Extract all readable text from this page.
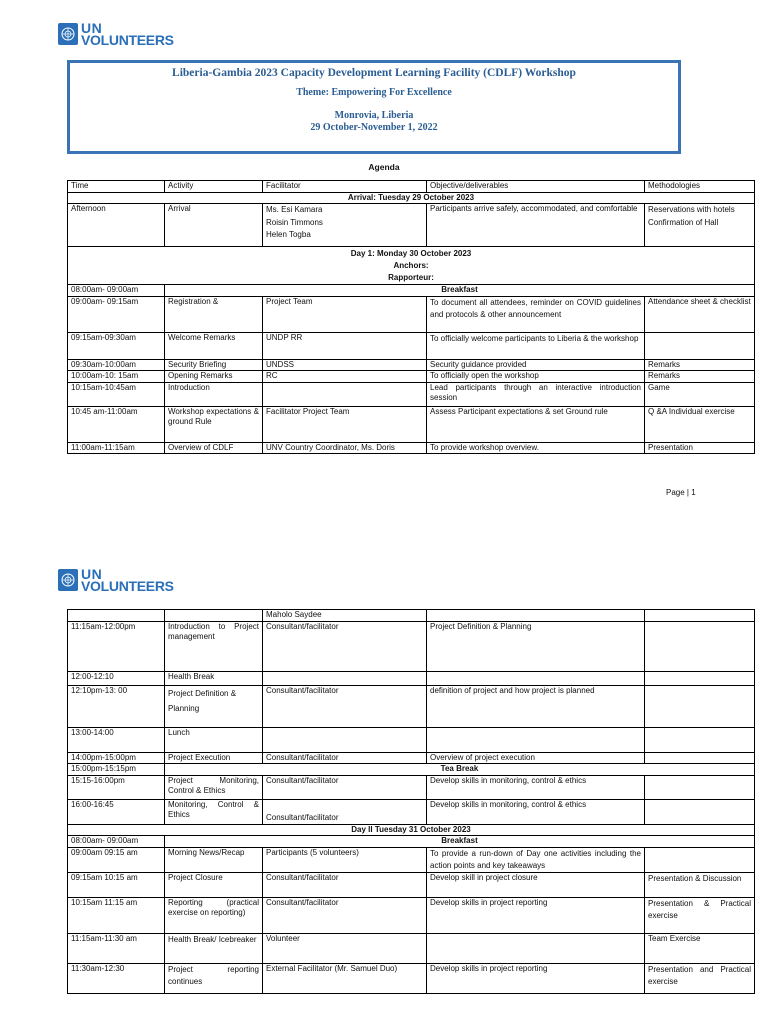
UN
VOLUNTEERS
Liberia-Gambia 2023 Capacity Development Learning Facility (CDLF) Workshop
Theme: Empowering For Excellence
Monrovia, Liberia
29 October-November 1, 2022
Agenda
Time	Activity	Facilitator	Objective/deliverables	Methodologies
Arrival: Tuesday 29 October 2023				
Afternoon	Arrival	Ms. Esi Kamara
Roisin Timmons
Helen Togba	Participants arrive safely, accommodated, and comfortable	Reservations with hotels
Confirmation of Hall

Day 1: Monday 30 October 2023
Anchors:
Rapporteur:				

08:00am- 09:00am	Breakfast			
09:00am- 09:15am	Registration &	Project Team	To document all attendees, reminder on COVID guidelines and protocols & other announcement	Attendance sheet & checklist
09:15am-09:30am	Welcome Remarks	UNDP RR	To officially welcome participants to Liberia & the workshop	
09:30am-10:00am	Security Briefing	UNDSS	Security guidance provided	Remarks
10:00am-10: 15am	Opening Remarks	RC	To officially open the workshop	Remarks
10:15am-10:45am	Introduction		Lead participants through an interactive introduction session	Game
10:45 am-11:00am	Workshop expectations & ground Rule	Facilitator Project Team	Assess Participant expectations & set Ground rule	Q &A Individual exercise
11:00am-11:15am	Overview of CDLF	UNV Country Coordinator, Ms. Doris	To provide workshop overview.	Presentation
Page | 1
UN
VOLUNTEERS
		Maholo Saydee		
11:15am-12:00pm	Introduction to Project management	Consultant/facilitator	Project Definition & Planning	
12:00-12:10	Health Break			
12:10pm-13: 00	Project Definition & Planning	Consultant/facilitator	definition of project and how project is planned	
13:00-14:00	Lunch			
14:00pm-15:00pm	Project Execution	Consultant/facilitator	Overview of project execution	
15:00pm-15:15pm	Tea Break			
15:15-16:00pm	Project Monitoring, Control & Ethics	Consultant/facilitator	Develop skills in monitoring, control & ethics	
16:00-16:45	Monitoring, Control & Ethics	Consultant/facilitator	Develop skills in monitoring, control & ethics	
Day II Tuesday 31 October 2023				
08:00am- 09:00am	Breakfast			
09:00am 09:15 am	Morning News/Recap	Participants (5 volunteers)	To provide a run-down of Day one activities including the action points and key takeaways	
09:15am 10:15 am	Project Closure	Consultant/facilitator	Develop skill in project closure	Presentation & Discussion
10:15am 11:15 am	Reporting (practical exercise on reporting)	Consultant/facilitator	Develop skills in project reporting	Presentation & Practical exercise
11:15am-11:30 am	Health Break/ Icebreaker	Volunteer		Team Exercise
11:30am-12:30	Project reporting continues	External Facilitator (Mr. Samuel Duo)	Develop skills in project reporting	Presentation and Practical exercise
